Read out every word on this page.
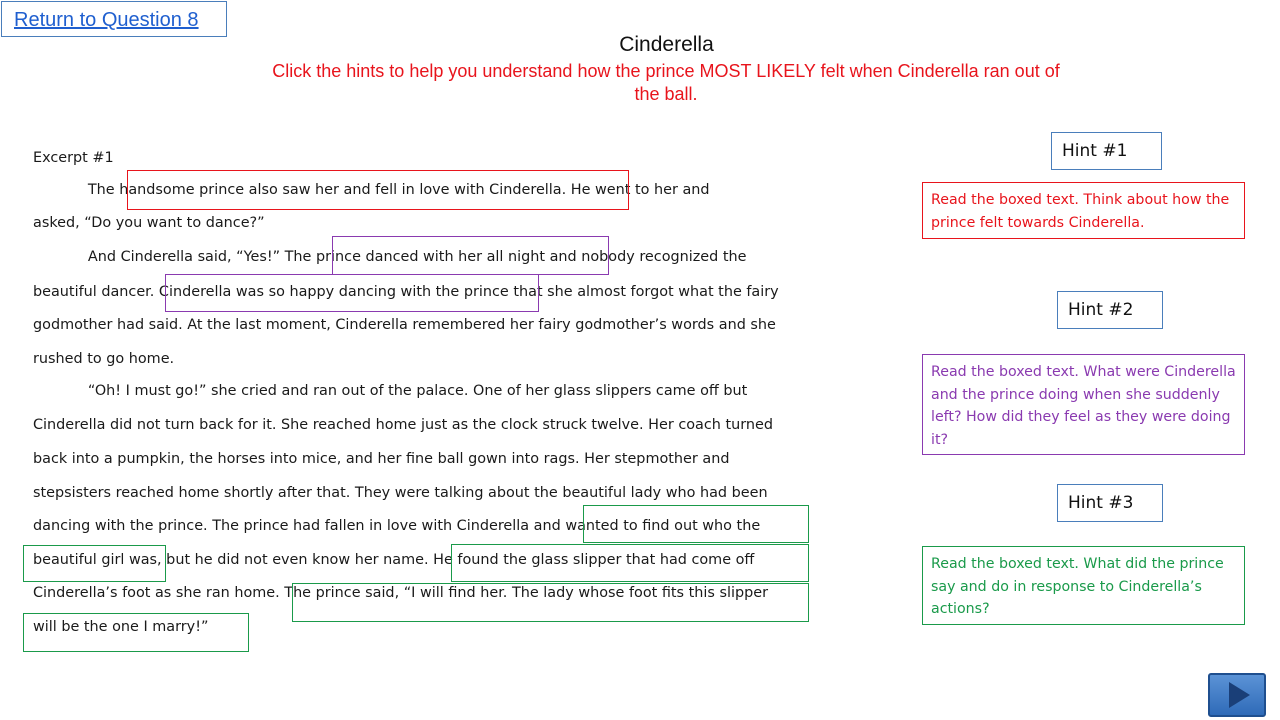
Return to Question 8
Cinderella
Click the hints to help you understand how the prince MOST LIKELY felt when Cinderella ran out of the ball.
Excerpt #1
The handsome prince also saw her and fell in love with Cinderella. He went to her and
asked, “Do you want to dance?”
And Cinderella said, “Yes!” The prince danced with her all night and nobody recognized the
beautiful dancer. Cinderella was so happy dancing with the prince that she almost forgot what the fairy
godmother had said. At the last moment, Cinderella remembered her fairy godmother’s words and she
rushed to go home.
“Oh! I must go!” she cried and ran out of the palace. One of her glass slippers came off but
Cinderella did not turn back for it. She reached home just as the clock struck twelve. Her coach turned
back into a pumpkin, the horses into mice, and her fine ball gown into rags. Her stepmother and
stepsisters reached home shortly after that. They were talking about the beautiful lady who had been
dancing with the prince. The prince had fallen in love with Cinderella and wanted to find out who the
beautiful girl was, but he did not even know her name. He found the glass slipper that had come off
Cinderella’s foot as she ran home. The prince said, “I will find her. The lady whose foot fits this slipper
will be the one I marry!”
Hint #1
Hint #2
Hint #3
Read the boxed text. Think about how the prince felt towards Cinderella.
Read the boxed text. What were Cinderella and the prince doing when she suddenly left? How did they feel as they were doing it?
Read the boxed text. What did the prince say and do in response to Cinderella’s actions?
